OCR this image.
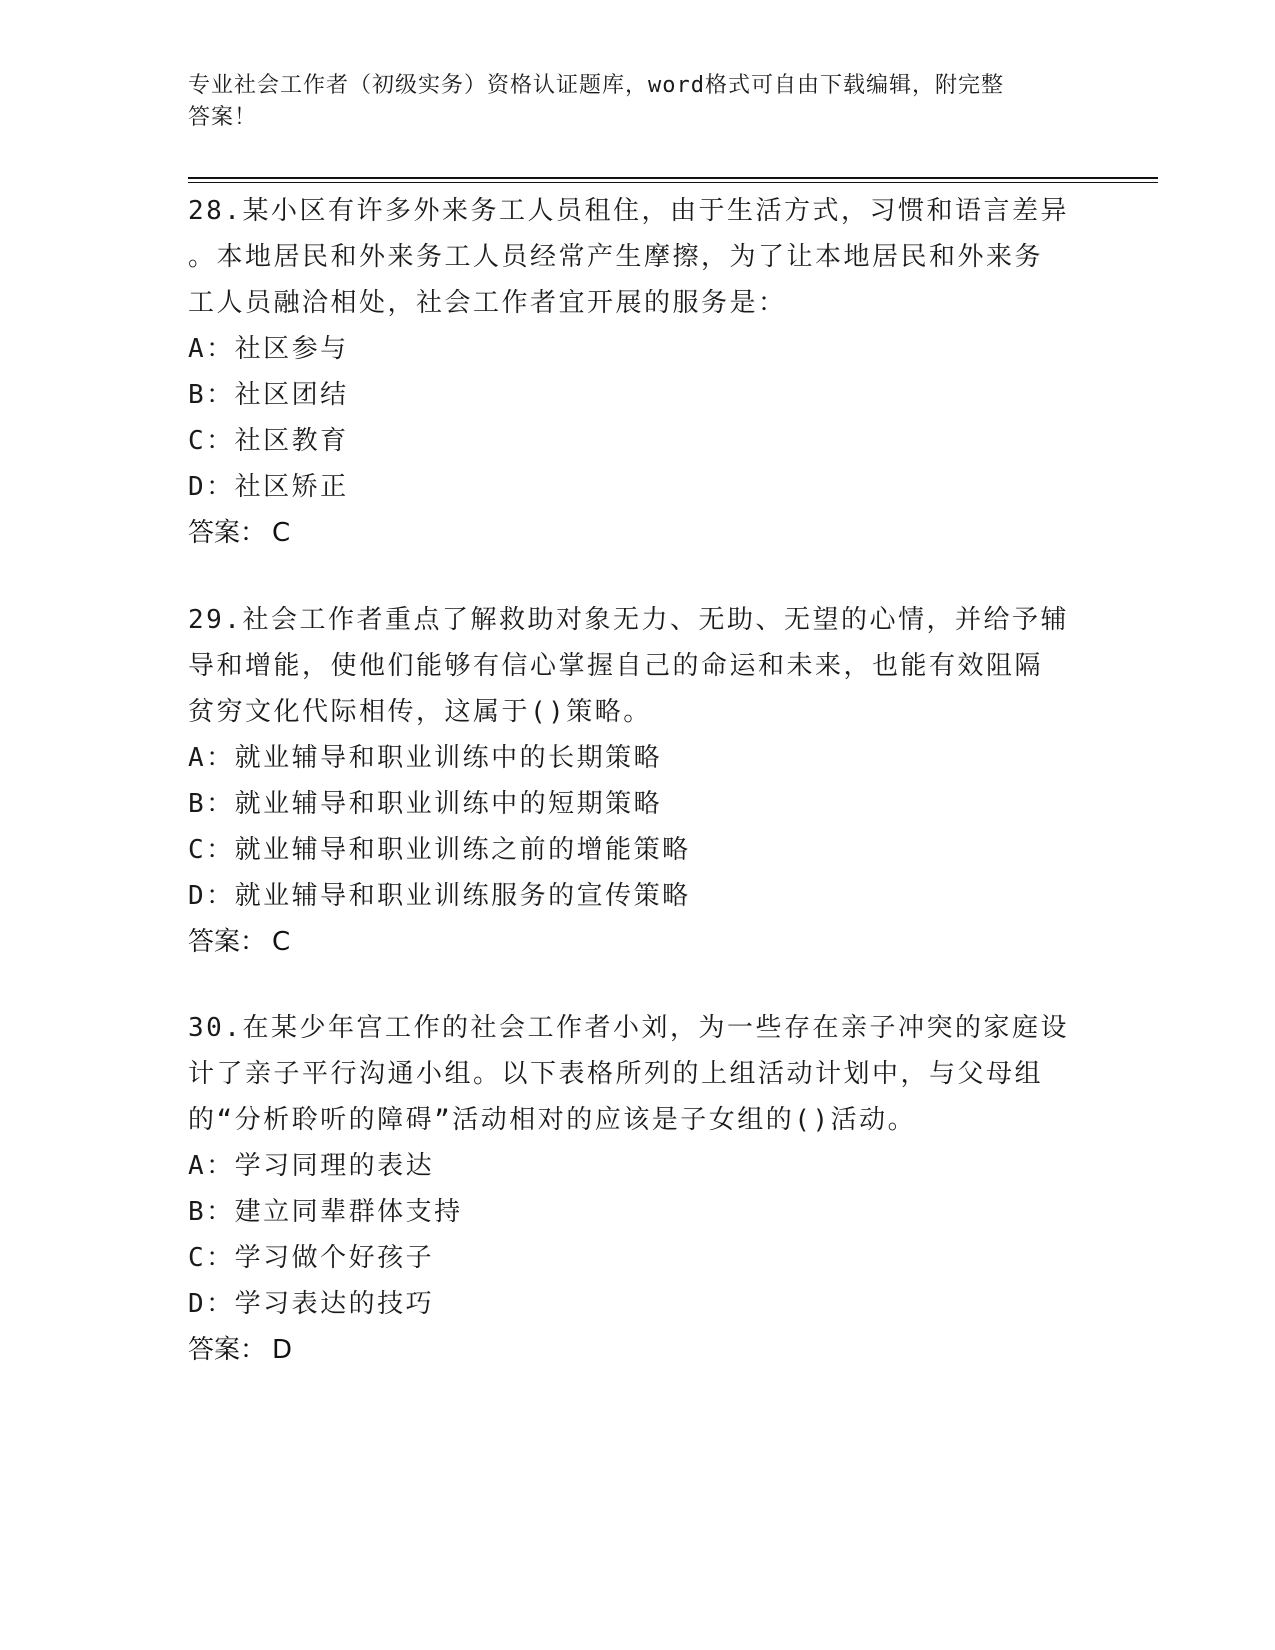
专业社会工作者（初级实务）资格认证题库，word格式可自由下载编辑，附完整
答案！
28.某小区有许多外来务工人员租住，由于生活方式，习惯和语言差异
。本地居民和外来务工人员经常产生摩擦，为了让本地居民和外来务
工人员融洽相处，社会工作者宜开展的服务是：
A：社区参与
B：社区团结
C：社区教育
D：社区矫正
答案： C
29.社会工作者重点了解救助对象无力、无助、无望的心情，并给予辅
导和增能，使他们能够有信心掌握自己的命运和未来，也能有效阻隔
贫穷文化代际相传，这属于()策略。
A：就业辅导和职业训练中的长期策略
B：就业辅导和职业训练中的短期策略
C：就业辅导和职业训练之前的增能策略
D：就业辅导和职业训练服务的宣传策略
答案： C
30.在某少年宫工作的社会工作者小刘，为一些存在亲子冲突的家庭设
计了亲子平行沟通小组。以下表格所列的上组活动计划中，与父母组
的“分析聆听的障碍”活动相对的应该是子女组的()活动。
A：学习同理的表达
B：建立同辈群体支持
C：学习做个好孩子
D：学习表达的技巧
答案： D
